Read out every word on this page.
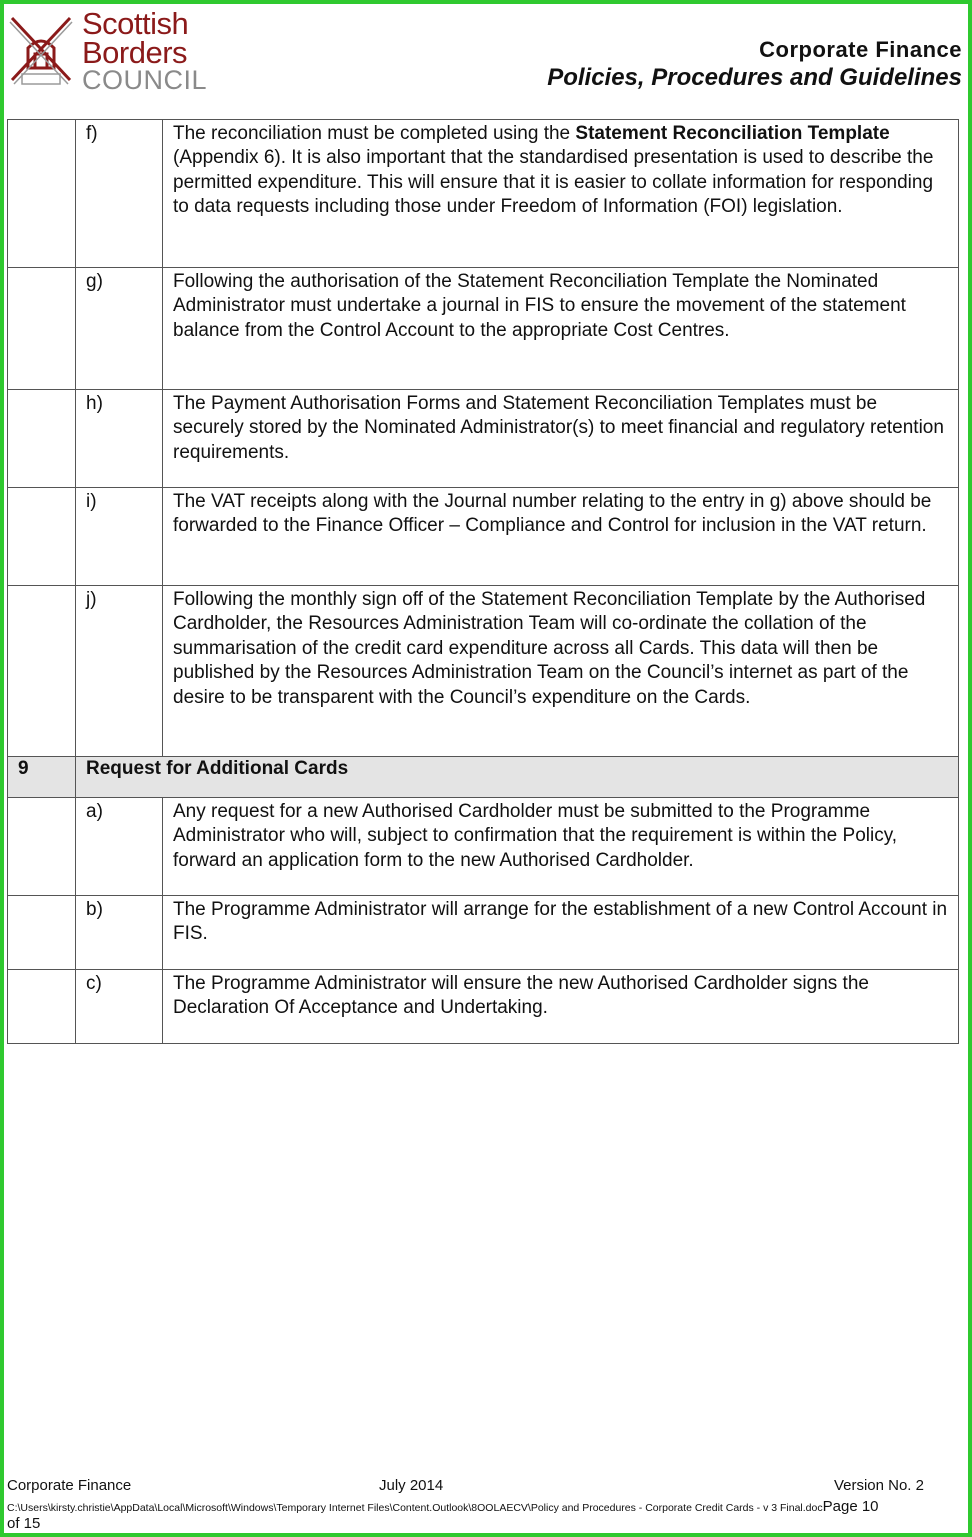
Scottish
Borders
COUNCIL
Corporate Finance
Policies, Procedures and Guidelines
	f)	The reconciliation must be completed using the Statement Reconciliation Template (Appendix 6). It is also important that the standardised presentation is used to describe the permitted expenditure. This will ensure that it is easier to collate information for responding to data requests including those under Freedom of Information (FOI) legislation.
	g)	Following the authorisation of the Statement Reconciliation Template the Nominated Administrator must undertake a journal in FIS to ensure the movement of the statement balance from the Control Account to the appropriate Cost Centres.
	h)	The Payment Authorisation Forms and Statement Reconciliation Templates must be securely stored by the Nominated Administrator(s) to meet financial and regulatory retention requirements.
	i)	The VAT receipts along with the Journal number relating to the entry in g) above should be forwarded to the Finance Officer – Compliance and Control for inclusion in the VAT return.
	j)	Following the monthly sign off of the Statement Reconciliation Template by the Authorised Cardholder, the Resources Administration Team will co-ordinate the collation of the summarisation of the credit card expenditure across all Cards. This data will then be published by the Resources Administration Team on the Council’s internet as part of the desire to be transparent with the Council’s expenditure on the Cards.
9	Request for Additional Cards	
	a)	Any request for a new Authorised Cardholder must be submitted to the Programme Administrator who will, subject to confirmation that the requirement is within the Policy, forward an application form to the new Authorised Cardholder.
	b)	The Programme Administrator will arrange for the establishment of a new Control Account in FIS.
	c)	The Programme Administrator will ensure the new Authorised Cardholder signs the Declaration Of Acceptance and Undertaking.
Corporate Finance	July 2014	Version No. 2
C:\Users\kirsty.christie\AppData\Local\Microsoft\Windows\Temporary Internet Files\Content.Outlook\8OOLAECV\Policy and Procedures - Corporate Credit Cards - v 3 Final.docPage 10
of 15
